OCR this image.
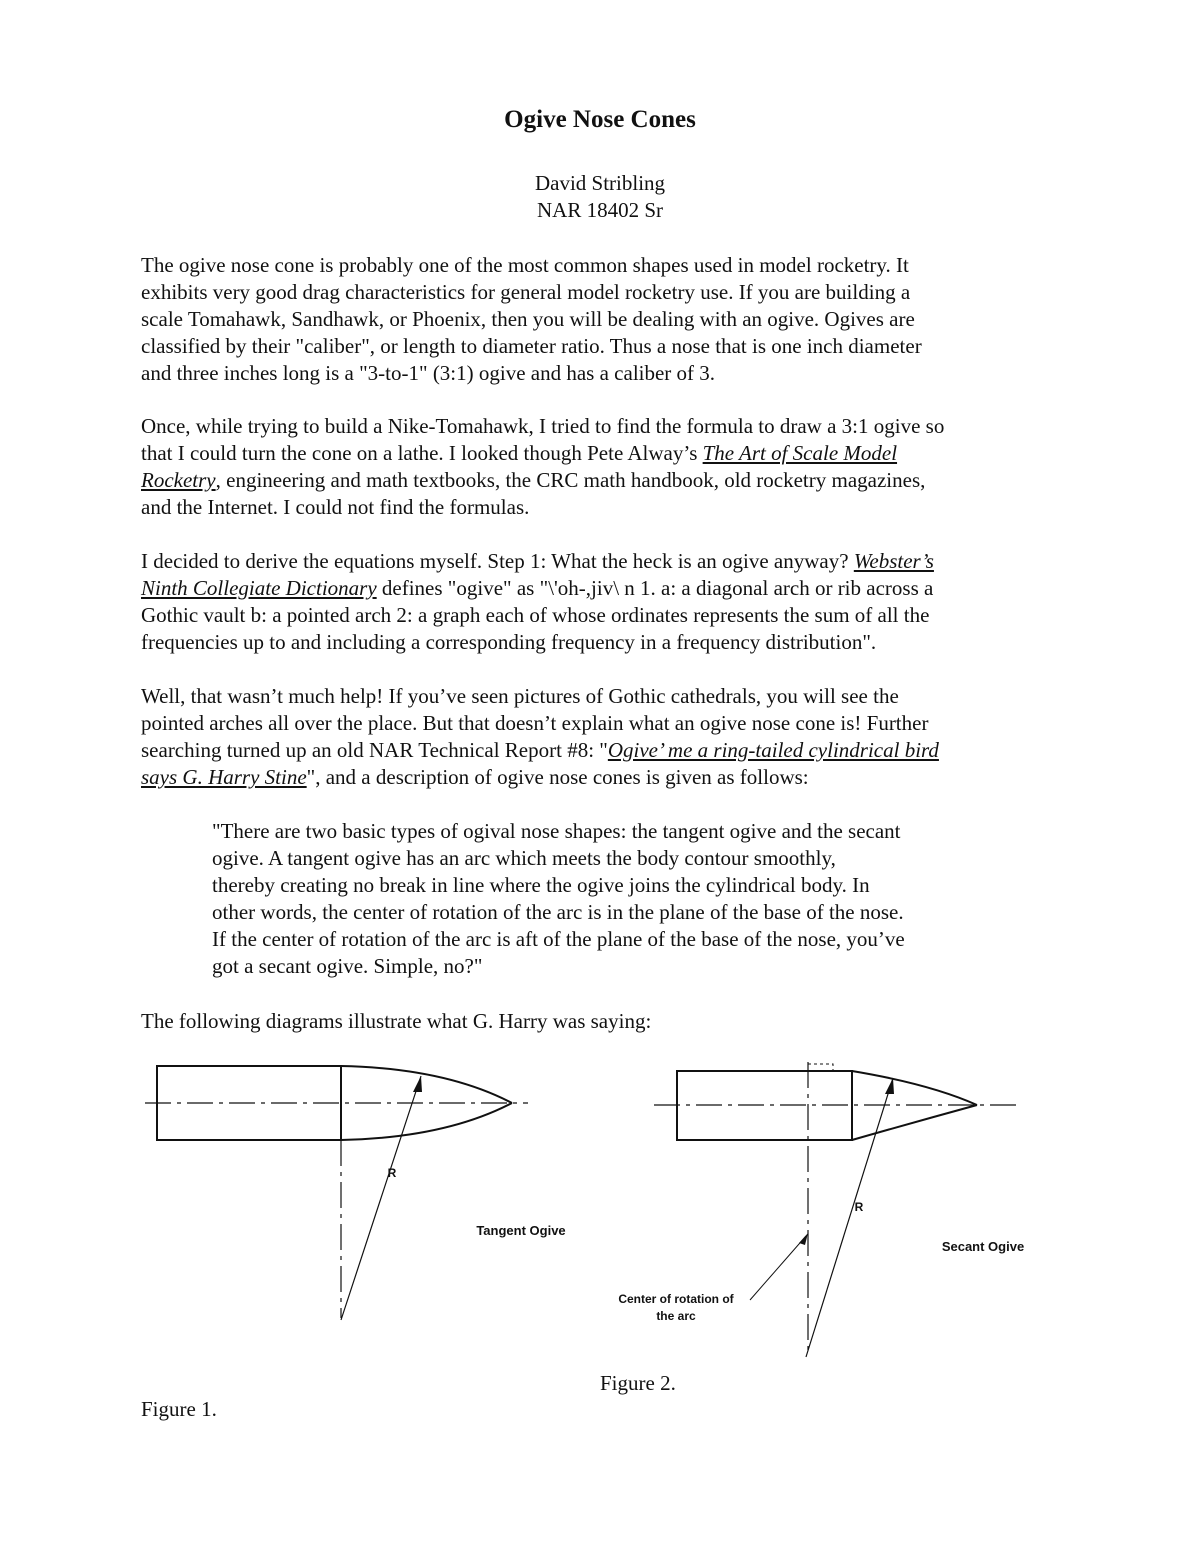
Ogive Nose Cones
David Stribling
NAR 18402 Sr
The ogive nose cone is probably one of the most common shapes used in model rocketry. It
exhibits very good drag characteristics for general model rocketry use. If you are building a
scale Tomahawk, Sandhawk, or Phoenix, then you will be dealing with an ogive. Ogives are
classified by their "caliber", or length to diameter ratio. Thus a nose that is one inch diameter
and three inches long is a "3-to-1" (3:1) ogive and has a caliber of 3.
Once, while trying to build a Nike-Tomahawk, I tried to find the formula to draw a 3:1 ogive so
that I could turn the cone on a lathe. I looked though Pete Alway’s The Art of Scale Model
Rocketry, engineering and math textbooks, the CRC math handbook, old rocketry magazines,
and the Internet. I could not find the formulas.
I decided to derive the equations myself. Step 1: What the heck is an ogive anyway? Webster’s
Ninth Collegiate Dictionary defines "ogive" as "\'oh-,jiv\ n 1. a: a diagonal arch or rib across a
Gothic vault b: a pointed arch 2: a graph each of whose ordinates represents the sum of all the
frequencies up to and including a corresponding frequency in a frequency distribution".
Well, that wasn’t much help! If you’ve seen pictures of Gothic cathedrals, you will see the
pointed arches all over the place. But that doesn’t explain what an ogive nose cone is! Further
searching turned up an old NAR Technical Report #8: "Ogive’ me a ring-tailed cylindrical bird
says G. Harry Stine", and a description of ogive nose cones is given as follows:
"There are two basic types of ogival nose shapes: the tangent ogive and the secant
ogive. A tangent ogive has an arc which meets the body contour smoothly,
thereby creating no break in line where the ogive joins the cylindrical body. In
other words, the center of rotation of the arc is in the plane of the base of the nose.
If the center of rotation of the arc is aft of the plane of the base of the nose, you’ve
got a secant ogive. Simple, no?"
The following diagrams illustrate what G. Harry was saying:
R
Tangent Ogive
R
Secant Ogive
Center of rotation of
the arc
Figure 2.
Figure 1.
